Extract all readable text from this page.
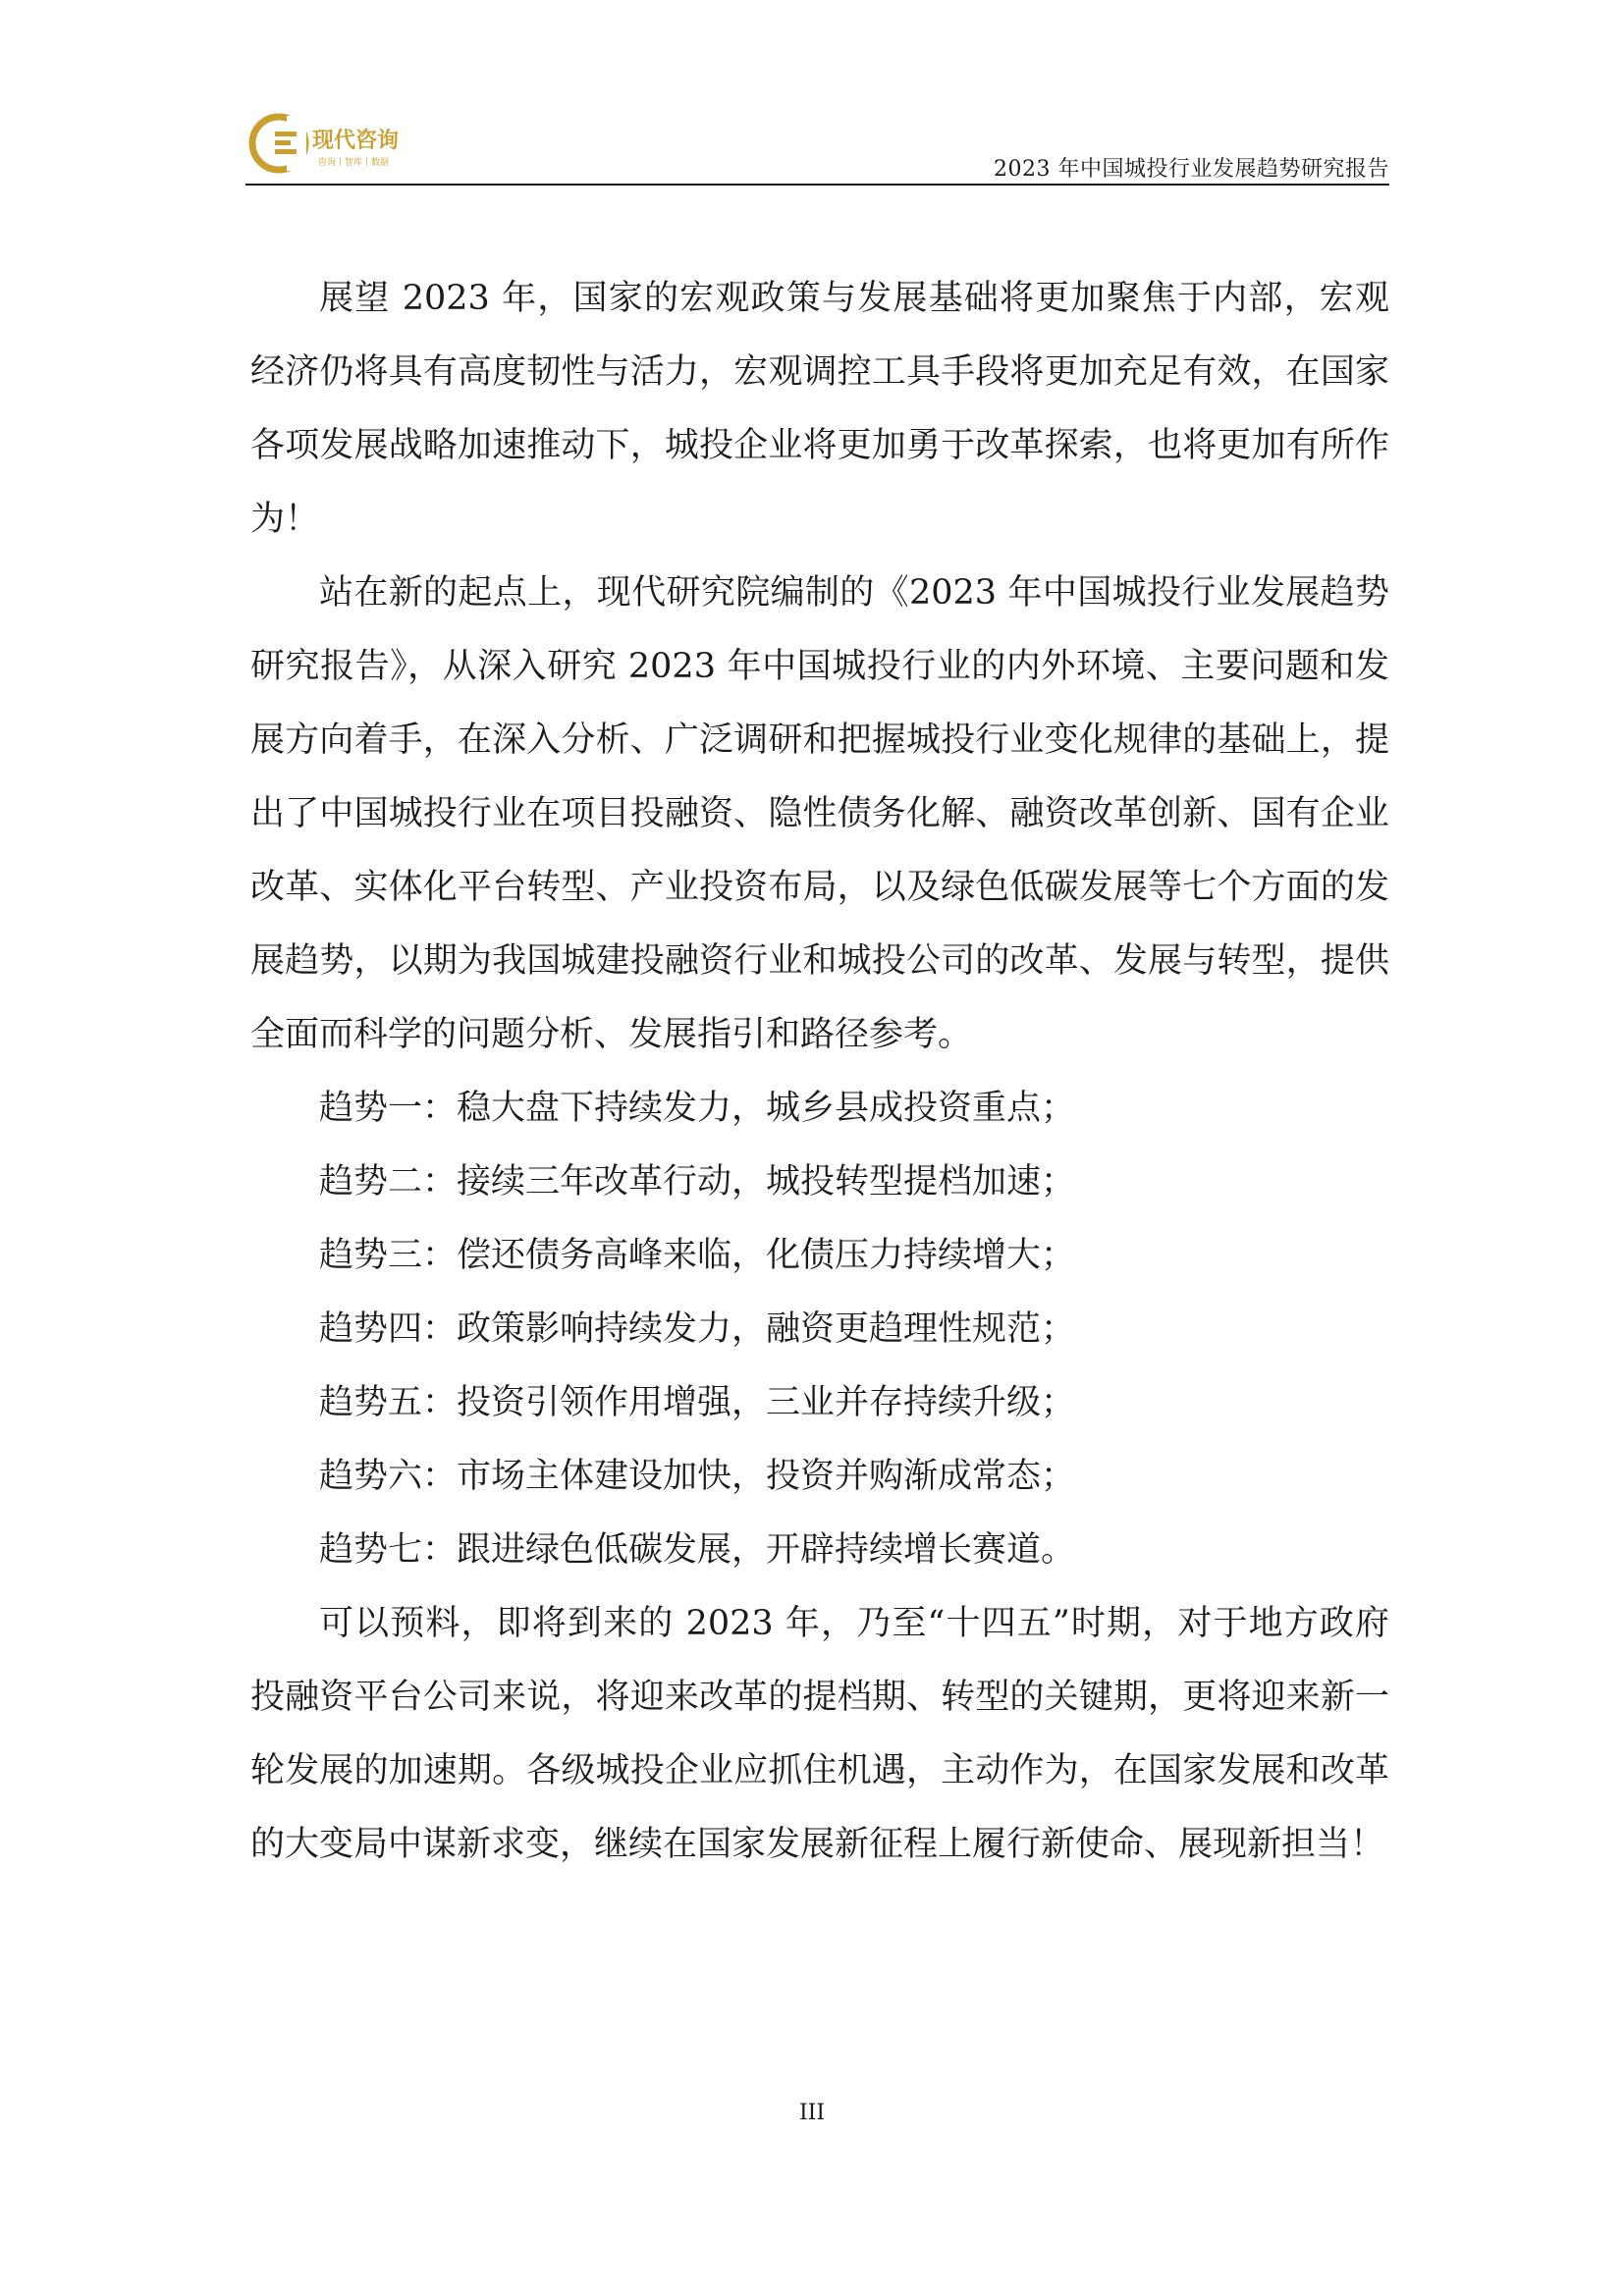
现代咨询
咨询丨智库丨数据	2023 年中国城投行业发展趋势研究报告

展望 2023 年，国家的宏观政策与发展基础将更加聚焦于内部，宏观经济仍将具有高度韧性与活力，宏观调控工具手段将更加充足有效，在国家各项发展战略加速推动下，城投企业将更加勇于改革探索，也将更加有所作为！

站在新的起点上，现代研究院编制的《2023 年中国城投行业发展趋势研究报告》，从深入研究 2023 年中国城投行业的内外环境、主要问题和发展方向着手，在深入分析、广泛调研和把握城投行业变化规律的基础上，提出了中国城投行业在项目投融资、隐性债务化解、融资改革创新、国有企业改革、实体化平台转型、产业投资布局，以及绿色低碳发展等七个方面的发展趋势，以期为我国城建投融资行业和城投公司的改革、发展与转型，提供全面而科学的问题分析、发展指引和路径参考。

趋势一：稳大盘下持续发力，城乡县成投资重点；

趋势二：接续三年改革行动，城投转型提档加速；

趋势三：偿还债务高峰来临，化债压力持续增大；

趋势四：政策影响持续发力，融资更趋理性规范；

趋势五：投资引领作用增强，三业并存持续升级；

趋势六：市场主体建设加快，投资并购渐成常态；

趋势七：跟进绿色低碳发展，开辟持续增长赛道。

可以预料，即将到来的 2023 年，乃至“十四五”时期，对于地方政府投融资平台公司来说，将迎来改革的提档期、转型的关键期，更将迎来新一轮发展的加速期。各级城投企业应抓住机遇，主动作为，在国家发展和改革的大变局中谋新求变，继续在国家发展新征程上履行新使命、展现新担当！

III
